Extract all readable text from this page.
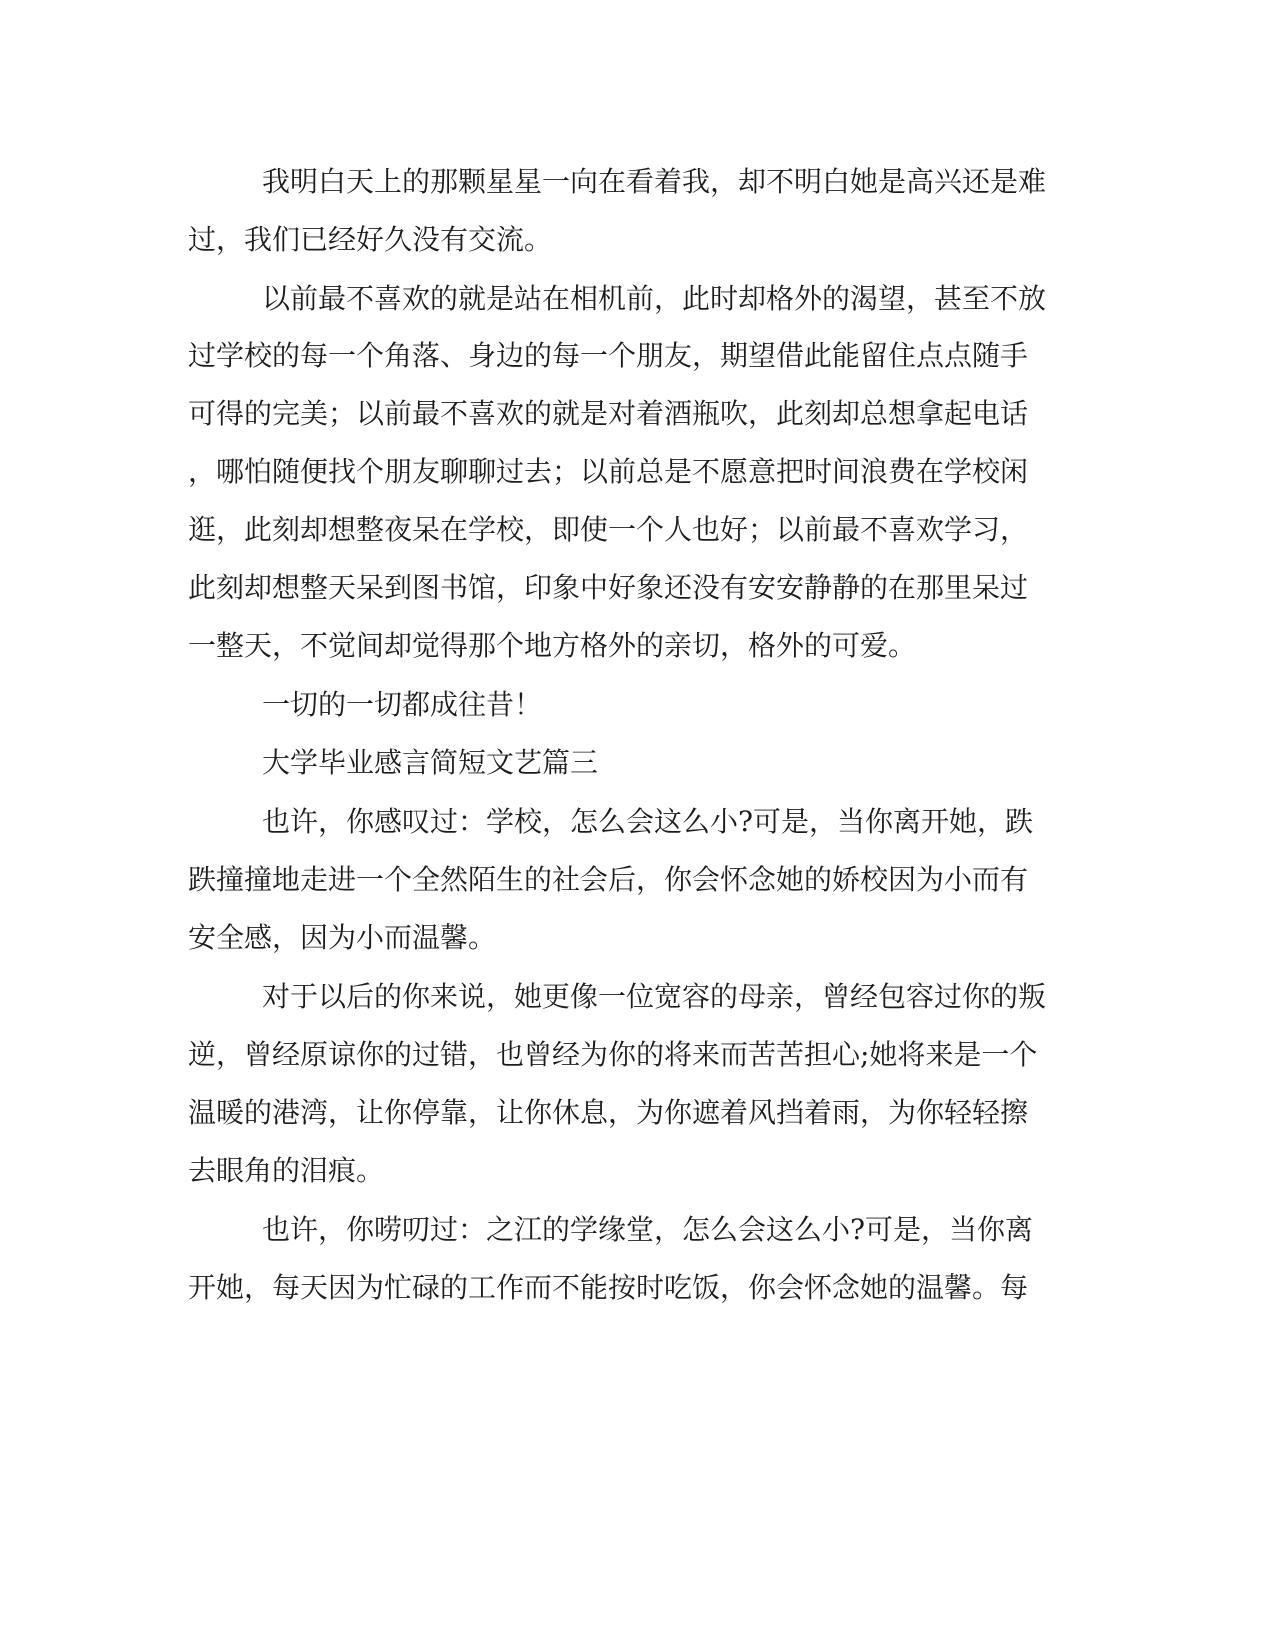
我明白天上的那颗星星一向在看着我，却不明白她是高兴还是难

过，我们已经好久没有交流。

以前最不喜欢的就是站在相机前，此时却格外的渴望，甚至不放

过学校的每一个角落、身边的每一个朋友，期望借此能留住点点随手

可得的完美；以前最不喜欢的就是对着酒瓶吹，此刻却总想拿起电话

，哪怕随便找个朋友聊聊过去；以前总是不愿意把时间浪费在学校闲

逛，此刻却想整夜呆在学校，即使一个人也好；以前最不喜欢学习，

此刻却想整天呆到图书馆，印象中好象还没有安安静静的在那里呆过

一整天，不觉间却觉得那个地方格外的亲切，格外的可爱。

一切的一切都成往昔！

大学毕业感言简短文艺篇三

也许，你感叹过：学校，怎么会这么小?可是，当你离开她，跌

跌撞撞地走进一个全然陌生的社会后，你会怀念她的娇校因为小而有

安全感，因为小而温馨。

对于以后的你来说，她更像一位宽容的母亲，曾经包容过你的叛

逆，曾经原谅你的过错，也曾经为你的将来而苦苦担心;她将来是一个

温暖的港湾，让你停靠，让你休息，为你遮着风挡着雨，为你轻轻擦

去眼角的泪痕。

也许，你唠叨过：之江的学缘堂，怎么会这么小?可是，当你离

开她，每天因为忙碌的工作而不能按时吃饭，你会怀念她的温馨。每
